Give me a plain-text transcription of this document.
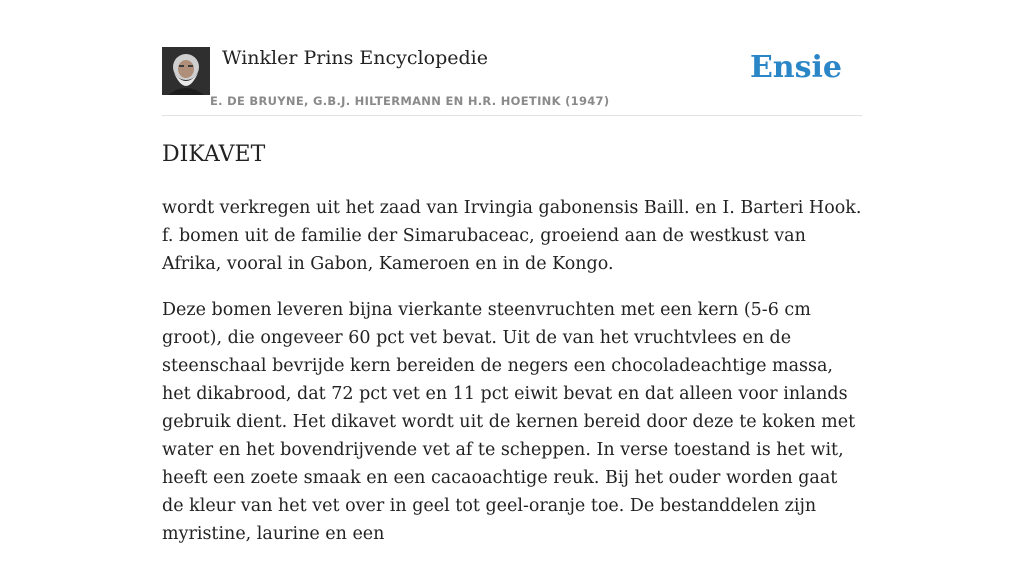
Winkler Prins Encyclopedie
E. DE BRUYNE, G.B.J. HILTERMANN EN H.R. HOETINK (1947)
Ensie
DIKAVET

wordt verkregen uit het zaad van Irvingia gabonensis Baill. en I. Barteri Hook. f. bomen uit de familie der Simarubaceac, groeiend aan de westkust van Afrika, vooral in Gabon, Kameroen en in de Kongo.

Deze bomen leveren bijna vierkante steenvruchten met een kern (5-6 cm groot), die ongeveer 60 pct vet bevat. Uit de van het vruchtvlees en de steenschaal bevrijde kern bereiden de negers een chocoladeachtige massa, het dikabrood, dat 72 pct vet en 11 pct eiwit bevat en dat alleen voor inlands gebruik dient. Het dikavet wordt uit de kernen bereid door deze te koken met water en het bovendrijvende vet af te scheppen. In verse toestand is het wit, heeft een zoete smaak en een cacaoachtige reuk. Bij het ouder worden gaat de kleur van het vet over in geel tot geel-oranje toe. De bestanddelen zijn myristine, laurine en een
